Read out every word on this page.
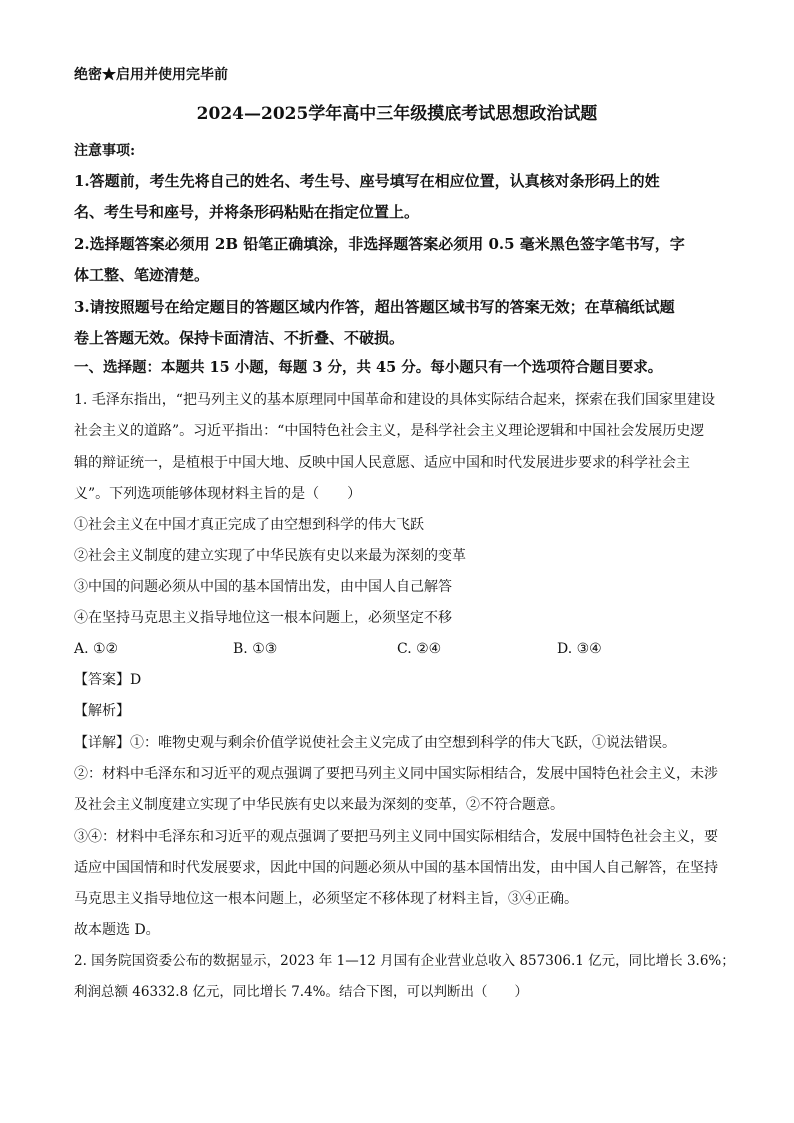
绝密★启用并使用完毕前
2024—2025学年高中三年级摸底考试思想政治试题
注意事项:
1.答题前，考生先将自己的姓名、考生号、座号填写在相应位置，认真核对条形码上的姓
名、考生号和座号，并将条形码粘贴在指定位置上。
2.选择题答案必须用 2B 铅笔正确填涂，非选择题答案必须用 0.5 毫米黑色签字笔书写，字
体工整、笔迹清楚。
3.请按照题号在给定题目的答题区域内作答，超出答题区域书写的答案无效；在草稿纸试题
卷上答题无效。保持卡面清洁、不折叠、不破损。
一、选择题：本题共 15 小题，每题 3 分，共 45 分。每小题只有一个选项符合题目要求。
1. 毛泽东指出，“把马列主义的基本原理同中国革命和建设的具体实际结合起来，探索在我们国家里建设
社会主义的道路”。习近平指出：“中国特色社会主义，是科学社会主义理论逻辑和中国社会发展历史逻
辑的辩证统一，是植根于中国大地、反映中国人民意愿、适应中国和时代发展进步要求的科学社会主
义”。下列选项能够体现材料主旨的是（　　）
①社会主义在中国才真正完成了由空想到科学的伟大飞跃
②社会主义制度的建立实现了中华民族有史以来最为深刻的变革
③中国的问题必须从中国的基本国情出发，由中国人自己解答
④在坚持马克思主义指导地位这一根本问题上，必须坚定不移
A. ①②	B. ①③	C. ②④	D. ③④
【答案】D
【解析】
【详解】①：唯物史观与剩余价值学说使社会主义完成了由空想到科学的伟大飞跃，①说法错误。
②：材料中毛泽东和习近平的观点强调了要把马列主义同中国实际相结合，发展中国特色社会主义，未涉
及社会主义制度建立实现了中华民族有史以来最为深刻的变革，②不符合题意。
③④：材料中毛泽东和习近平的观点强调了要把马列主义同中国实际相结合，发展中国特色社会主义，要
适应中国国情和时代发展要求，因此中国的问题必须从中国的基本国情出发，由中国人自己解答，在坚持
马克思主义指导地位这一根本问题上，必须坚定不移体现了材料主旨，③④正确。
故本题选 D。
2. 国务院国资委公布的数据显示，2023 年 1—12 月国有企业营业总收入 857306.1 亿元，同比增长 3.6%；
利润总额 46332.8 亿元，同比增长 7.4%。结合下图，可以判断出（　　）
